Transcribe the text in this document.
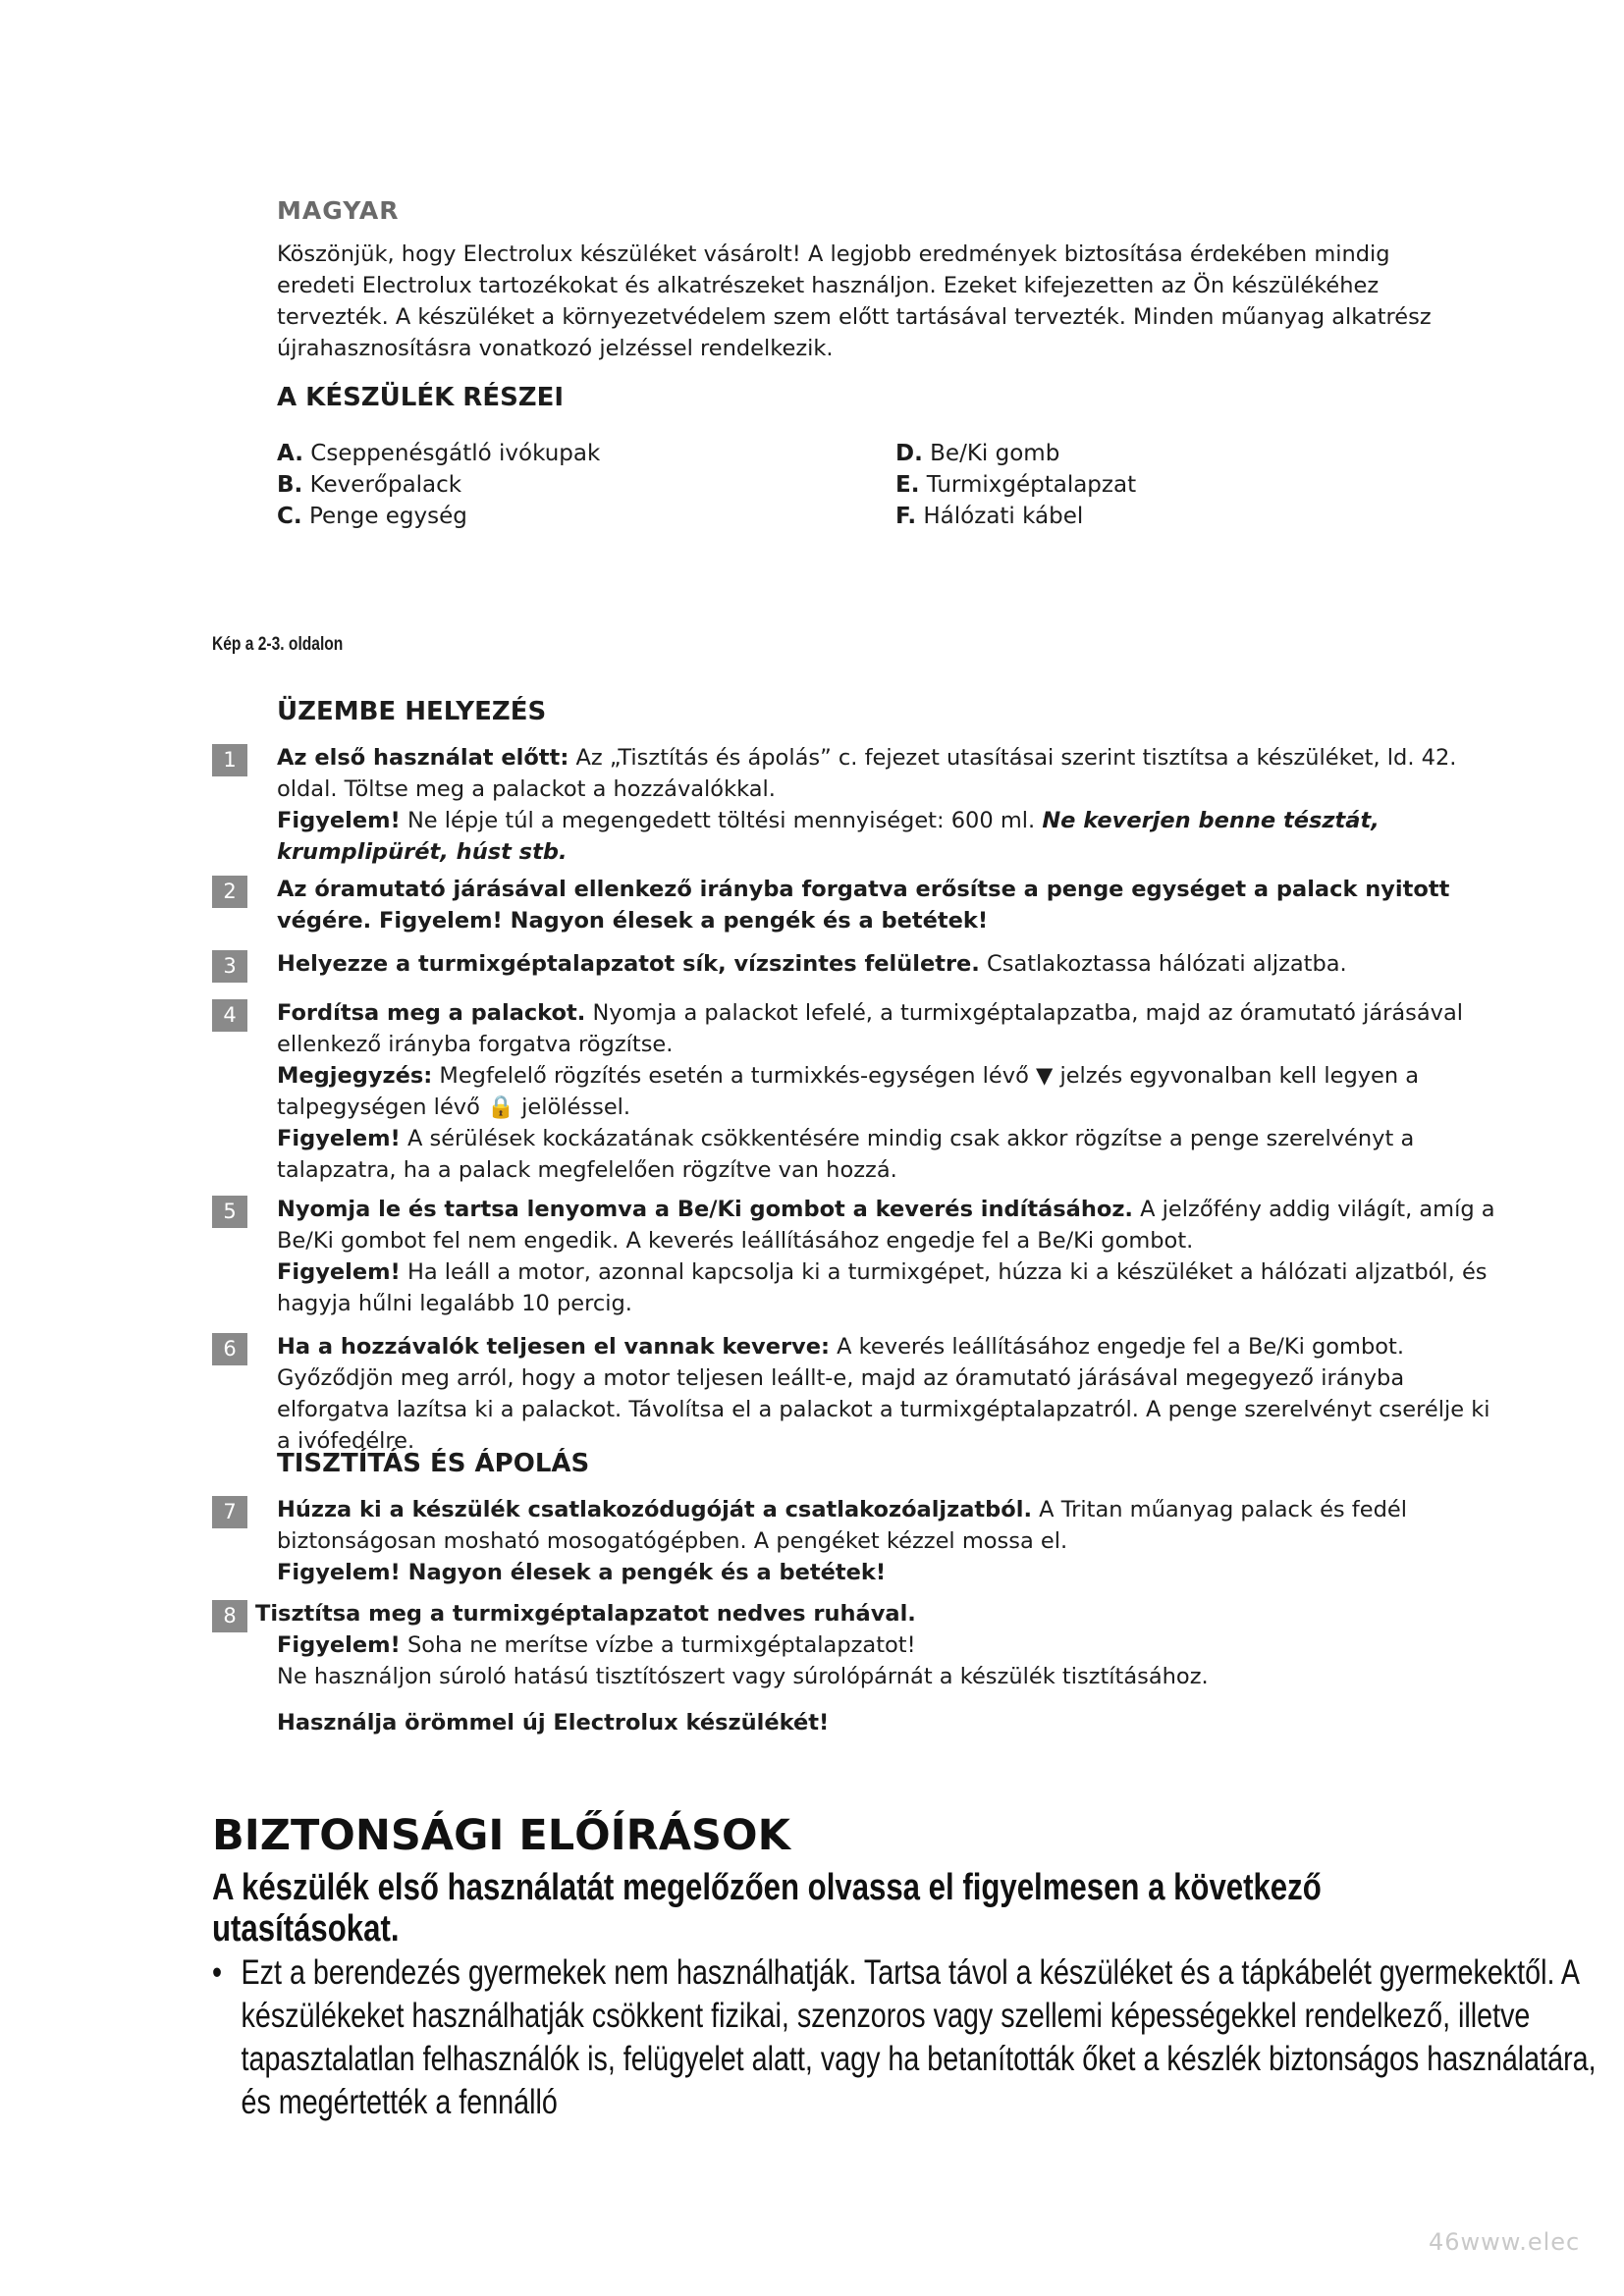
MAGYAR
Köszönjük, hogy Electrolux készüléket vásárolt! A legjobb eredmények biztosítása érdekében mindig eredeti Electrolux tartozékokat és alkatrészeket használjon. Ezeket kifejezetten az Ön készülékéhez tervezték. A készüléket a környezetvédelem szem előtt tartásával tervezték. Minden műanyag alkatrész újrahasznosításra vonatkozó jelzéssel rendelkezik.
A KÉSZÜLÉK RÉSZEI
A. Cseppenésgátló ivókupak
B. Keverőpalack
C. Penge egység
D. Be/Ki gomb
E. Turmixgéptalapzat
F. Hálózati kábel
Kép a 2-3. oldalon
ÜZEMBE HELYEZÉS
1	Az első használat előtt: Az „Tisztítás és ápolás” c. fejezet utasításai szerint tisztítsa a készüléket, ld. 42. oldal. Töltse meg a palackot a hozzávalókkal.

Figyelem! Ne lépje túl a megengedett töltési mennyiséget: 600 ml. Ne keverjen benne tésztát, krumplipürét, húst stb.

2	Az óramutató járásával ellenkező irányba forgatva erősítse a penge egységet a palack nyitott végére. Figyelem! Nagyon élesek a pengék és a betétek!

3	Helyezze a turmixgéptalapzatot sík, vízszintes felületre. Csatlakoztassa hálózati aljzatba.

4	Fordítsa meg a palackot. Nyomja a palackot lefelé, a turmixgéptalapzatba, majd az óramutató járásával ellenkező irányba forgatva rögzítse.

Megjegyzés: Megfelelő rögzítés esetén a turmixkés-egységen lévő ▼ jelzés egyvonalban kell legyen a talpegységen lévő 🔒 jelöléssel.

Figyelem! A sérülések kockázatának csökkentésére mindig csak akkor rögzítse a penge szerelvényt a talapzatra, ha a palack megfelelően rögzítve van hozzá.

5	Nyomja le és tartsa lenyomva a Be/Ki gombot a keverés indításához. A jelzőfény addig világít, amíg a Be/Ki gombot fel nem engedik. A keverés leállításához engedje fel a Be/Ki gombot.

Figyelem! Ha leáll a motor, azonnal kapcsolja ki a turmixgépet, húzza ki a készüléket a hálózati aljzatból, és hagyja hűlni legalább 10 percig.

6	Ha a hozzávalók teljesen el vannak keverve: A keverés leállításához engedje fel a Be/Ki gombot. Győződjön meg arról, hogy a motor teljesen leállt-e, majd az óramutató járásával megegyező irányba elforgatva lazítsa ki a palackot. Távolítsa el a palackot a turmixgéptalapzatról. A penge szerelvényt cserélje ki a ivófedélre.

TISZTÍTÁS ÉS ÁPOLÁS
7	Húzza ki a készülék csatlakozódugóját a csatlakozóaljzatból. A Tritan műanyag palack és fedél biztonságosan mosható mosogatógépben. A pengéket kézzel mossa el.

Figyelem! Nagyon élesek a pengék és a betétek!

8 Tisztítsa meg a turmixgéptalapzatot nedves ruhával.

Figyelem! Soha ne merítse vízbe a turmixgéptalapzatot!

Ne használjon súroló hatású tisztítószert vagy súrolópárnát a készülék tisztításához.

Használja örömmel új Electrolux készülékét!
BIZTONSÁGI ELŐÍRÁSOK
A készülék első használatát megelőzően olvassa el figyelmesen a következő utasításokat.
• Ezt a berendezés gyermekek nem használhatják. Tartsa távol a készüléket és a tápkábelét gyermekektől. A készülékeket használhatják csökkent fizikai, szenzoros vagy szellemi képességekkel rendelkező, illetve tapasztalatlan felhasználók is, felügyelet alatt, vagy ha betanították őket a készlék biztonságos használatára, és megértették a fennálló
46www.elec
